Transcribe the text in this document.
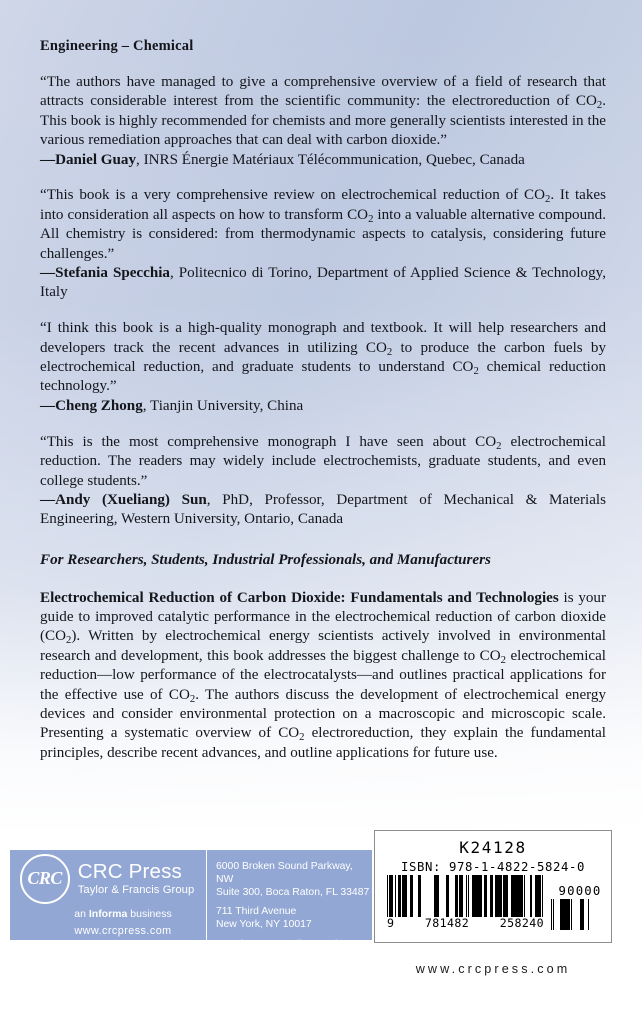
Engineering – Chemical

“The authors have managed to give a comprehensive overview of a field of research that attracts considerable interest from the scientific community: the electroreduction of $CO_2$. This book is highly recommended for chemists and more generally scientists interested in the various remediation approaches that can deal with carbon dioxide.”
—Daniel Guay, INRS Énergie Matériaux Télécommunication, Quebec, Canada

“This book is a very comprehensive review on electrochemical reduction of $CO_2$. It takes into consideration all aspects on how to transform $CO_2$ into a valuable alternative compound. All chemistry is considered: from thermodynamic aspects to catalysis, considering future challenges.”
—Stefania Specchia, Politecnico di Torino, Department of Applied Science & Technology, Italy

“I think this book is a high-quality monograph and textbook. It will help researchers and developers track the recent advances in utilizing $CO_2$ to produce the carbon fuels by electrochemical reduction, and graduate students to understand $CO_2$ chemical reduction technology.”
—Cheng Zhong, Tianjin University, China

“This is the most comprehensive monograph I have seen about $CO_2$ electrochemical reduction. The readers may widely include electrochemists, graduate students, and even college students.”
—Andy (Xueliang) Sun, PhD, Professor, Department of Mechanical & Materials Engineering, Western University, Ontario, Canada

For Researchers, Students, Industrial Professionals, and Manufacturers

Electrochemical Reduction of Carbon Dioxide: Fundamentals and Technologies is your guide to improved catalytic performance in the electrochemical reduction of carbon dioxide $(CO_2)$. Written by electrochemical energy scientists actively involved in environmental research and development, this book addresses the biggest challenge to $CO_2$ electrochemical reduction—low performance of the electrocatalysts—and outlines practical applications for the effective use of $CO_2$. The authors discuss the development of electrochemical energy devices and consider environmental protection on a macroscopic and microscopic scale. Presenting a systematic overview of $CO_2$ electroreduction, they explain the fundamental principles, describe recent advances, and outline applications for future use.

CRC CRC Press
Taylor & Francis Group
an Informa business
www.crcpress.com
6000 Broken Sound Parkway, NW
Suite 300, Boca Raton, FL 33487
711 Third Avenue
New York, NY 10017
2 Park Square, Milton Park
Abingdon, Oxon OX14 4RN, UK
K24128
ISBN: 978-1-4822-5824-0
9	781482	258240
90000
www.crcpress.com
